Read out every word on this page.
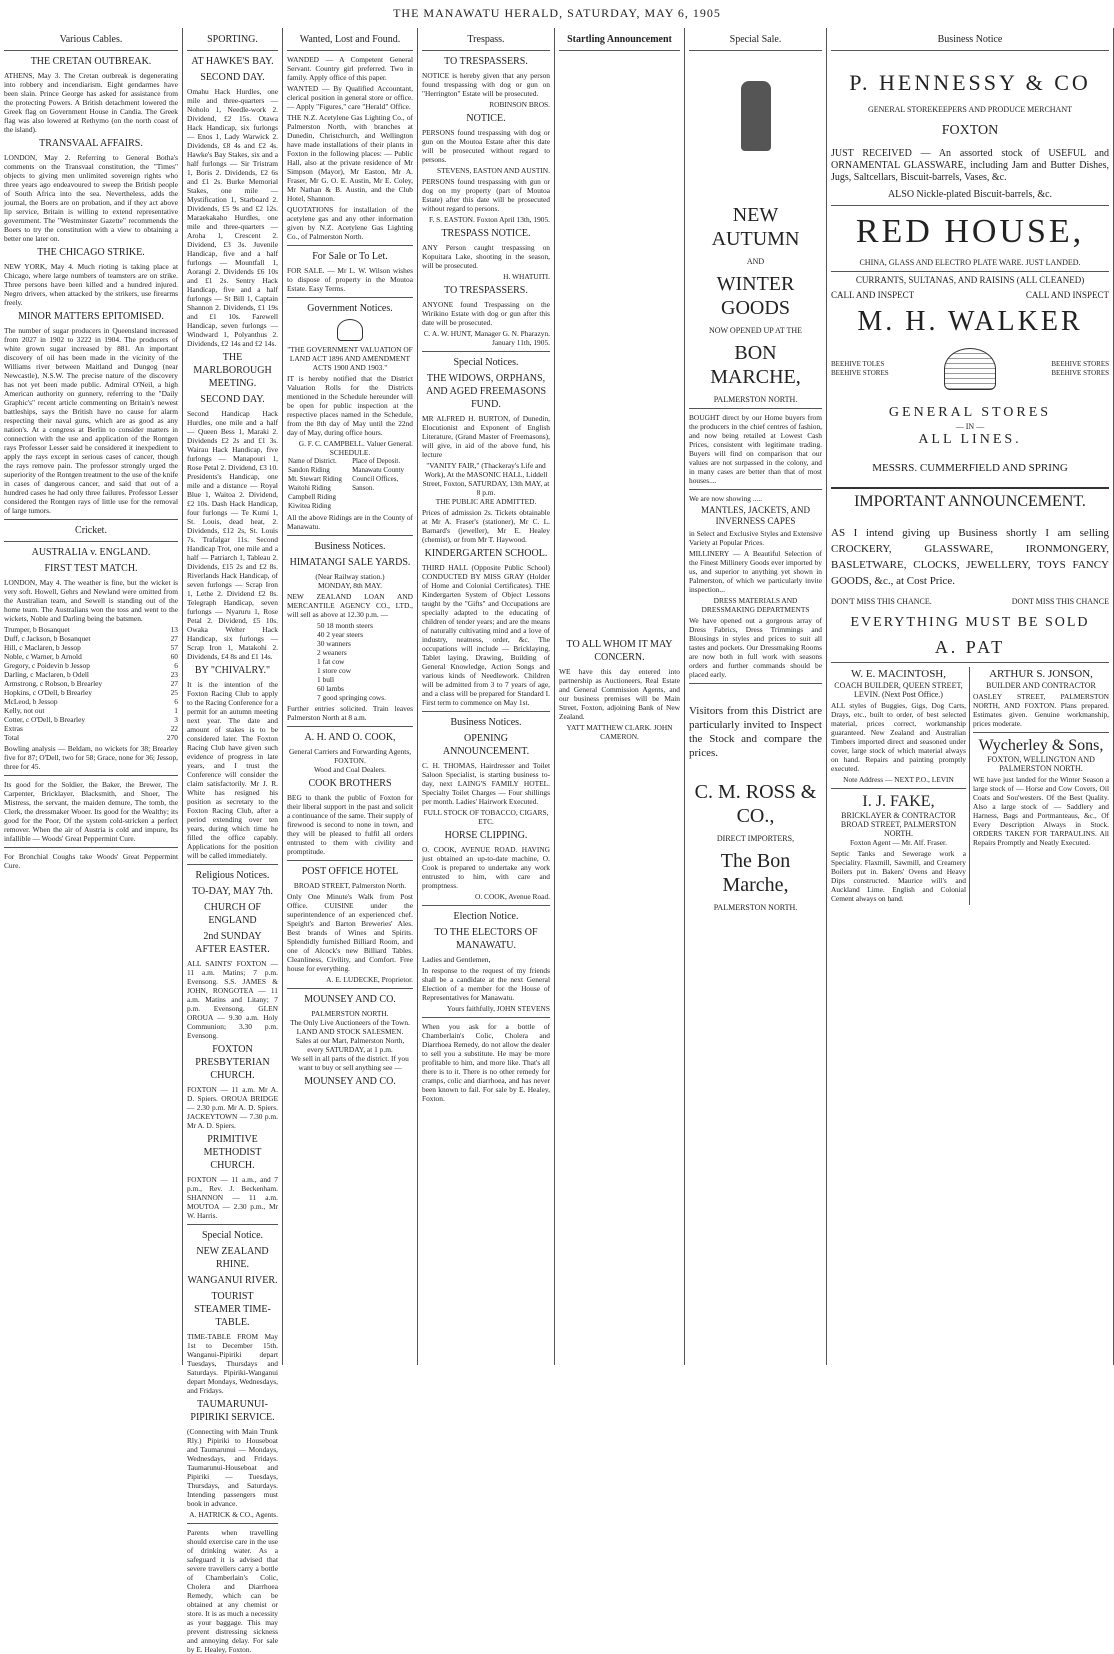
THE MANAWATU HERALD, SATURDAY, MAY 6, 1905
Various Cables.
THE CRETAN OUTBREAK.
ATHENS, May 3. The Cretan outbreak is degenerating into robbery and incendiarism. Eight gendarmes have been slain. Prince George has asked for assistance from the protecting Powers. A British detachment lowered the Greek flag on Government House in Candia. The Greek flag was also lowered at Rethymo (on the north coast of the island).
TRANSVAAL AFFAIRS.
LONDON, May 2. Referring to General Botha's comments on the Transvaal constitution, the "Times" objects to giving men unlimited sovereign rights who three years ago endeavoured to sweep the British people of South Africa into the sea. Nevertheless, adds the journal, the Boers are on probation, and if they act above lip service, Britain is willing to extend representative government. The "Westminster Gazette" recommends the Boers to try the constitution with a view to obtaining a better one later on.
THE CHICAGO STRIKE.
NEW YORK, May 4. Much rioting is taking place at Chicago, where large numbers of teamsters are on strike. Three persons have been killed and a hundred injured. Negro drivers, when attacked by the strikers, use firearms freely.
MINOR MATTERS EPITOMISED.
The number of sugar producers in Queensland increased from 2027 in 1902 to 3222 in 1904. The producers of white grown sugar increased by 881. An important discovery of oil has been made in the vicinity of the Williams river between Maitland and Dungog (near Newcastle), N.S.W. The precise nature of the discovery has not yet been made public. Admiral O'Neil, a high American authority on gunnery, referring to the "Daily Graphic's" recent article commenting on Britain's newest battleships, says the British have no cause for alarm respecting their naval guns, which are as good as any nation's. At a congress at Berlin to consider matters in connection with the use and application of the Rontgen rays Professor Lesser said he considered it inexpedient to apply the rays except in serious cases of cancer, though the rays remove pain. The professor strongly urged the superiority of the Rontgen treatment to the use of the knife in cases of dangerous cancer, and said that out of a hundred cases he had only three failures. Professor Lesser considered the Rontgen rays of little use for the removal of large tumors.
Cricket.
AUSTRALIA v. ENGLAND.
FIRST TEST MATCH.
LONDON, May 4. The weather is fine, but the wicket is very soft. Howell, Gehrs and Newland were omitted from the Australian team, and Sewell is standing out of the home team. The Australians won the toss and went to the wickets, Noble and Darling being the batsmen.
Trumper, b Bosanquet	13
Duff, c Jackson, b Bosanquet	27
Hill, c Maclaren, b Jessop	57
Noble, c Warner, b Arnold	60
Gregory, c Poidevin b Jessop	6
Darling, c Maclaren, b Odell	23
Armstrong, c Robson, b Brearley	27
Hopkins, c O'Dell, b Brearley	25
McLeod, b Jessop	6
Kelly, not out	1
Cotter, c O'Dell, b Brearley	3
Extras	22
Total	270
Bowling analysis — Beldam, no wickets for 38; Brearley five for 87; O'Dell, two for 58; Grace, none for 36; Jessop, three for 45.
Its good for the Soldier, the Baker, the Brewer, The Carpenter, Bricklayer, Blacksmith, and Shoer, The Mistress, the servant, the maiden demure, The tomb, the Clerk, the dressmaker Wooer. Its good for the Wealthy; its good for the Poor, Of the system cold-stricken a perfect remover. When the air of Austria is cold and impure, Its infallible — Woods' Great Peppermint Cure.
For Bronchial Coughs take Woods' Great Peppermint Cure.
SPORTING.
AT HAWKE'S BAY.
SECOND DAY.
Omahu Hack Hurdles, one mile and three-quarters — Noholo 1, Needle-work 2. Dividend, £2 15s. Otawa Hack Handicap, six furlongs — Enos 1, Lady Warwick 2. Dividends, £8 4s and £2 4s. Hawke's Bay Stakes, six and a half furlongs — Sir Tristram 1, Boris 2. Dividends, £2 6s and £1 2s. Burke Memorial Stakes, one mile — Mystification 1, Starboard 2. Dividends, £5 9s and £2 12s. Maraekakaho Hurdles, one mile and three-quarters — Aroha 1, Crescent 2. Dividend, £3 3s. Juvenile Handicap, five and a half furlongs — Mountfall 1, Aorangi 2. Dividends £6 10s and £1 2s. Sentry Hack Handicap, five and a half furlongs — St Bill 1, Captain Shannon 2. Dividends, £1 19s and £1 10s. Farewell Handicap, seven furlongs — Windward 1, Polyanthus 2. Dividends, £2 14s and £2 14s.
THE MARLBOROUGH MEETING.
SECOND DAY.
Second Handicap Hack Hurdles, one mile and a half — Queen Bess 1, Maraki 2. Dividends £2 2s and £1 3s. Wairau Hack Handicap, five furlongs — Manapouri 1, Rose Petal 2. Dividend, £3 10. Presidents's Handicap, one mile and a distance — Royal Blue 1, Waitoa 2. Dividend, £2 10s. Dash Hack Handicap, four furlongs — Te Kumi 1, St. Louis, dead heat, 2. Dividends, £12 2s, St. Louis 7s. Trafalgar 11s. Second Handicap Trot, one mile and a half — Patriarch 1, Tableau 2. Dividends, £15 2s and £2 8s. Riverlands Hack Handicap, of seven furlongs — Scrap Iron 1, Lethe 2. Dividend £2 8s. Telegraph Handicap, seven furlongs — Nyaruru 1, Rose Petal 2. Dividend, £5 10s. Owaka Welter Hack Handicap, six furlongs — Scrap Iron 1, Matakohi 2. Dividends, £4 8s and £1 14s.
BY "CHIVALRY."
It is the intention of the Foxton Racing Club to apply to the Racing Conference for a permit for an autumn meeting next year. The date and amount of stakes is to be considered later. The Foxton Racing Club have given such evidence of progress in late years, and I trust the Conference will consider the claim satisfactorily. Mr J. R. White has resigned his position as secretary to the Foxton Racing Club, after a period extending over ten years, during which time he filled the office capably. Applications for the position will be called immediately.
Religious Notices.
TO-DAY, MAY 7th.
CHURCH OF ENGLAND
2nd SUNDAY AFTER EASTER.
ALL SAINTS' FOXTON — 11 a.m. Matins; 7 p.m. Evensong. S.S. JAMES & JOHN, RONGOTEA — 11 a.m. Matins and Litany; 7 p.m. Evensong. GLEN OROUA — 9.30 a.m. Holy Communion; 3.30 p.m. Evensong.
FOXTON PRESBYTERIAN CHURCH.
FOXTON — 11 a.m. Mr A. D. Spiers. OROUA BRIDGE — 2.30 p.m. Mr A. D. Spiers. JACKEYTOWN — 7.30 p.m. Mr A. D. Spiers.
PRIMITIVE METHODIST CHURCH.
FOXTON — 11 a.m., and 7 p.m., Rev. J. Beckenham. SHANNON — 11 a.m. MOUTOA — 2.30 p.m., Mr W. Harris.
Special Notice.
NEW ZEALAND RHINE.
WANGANUI RIVER.
TOURIST STEAMER TIME-TABLE.
TIME-TABLE FROM May 1st to December 15th. Wanganui-Pipiriki depart Tuesdays, Thursdays and Saturdays. Pipiriki-Wanganui depart Mondays, Wednesdays, and Fridays.
TAUMARUNUI-PIPIRIKI SERVICE.
(Connecting with Main Trunk Rly.) Pipiriki to Houseboat and Taumarunui — Mondays, Wednesdays, and Fridays. Taumarunui-Houseboat and Pipiriki — Tuesdays, Thursdays, and Saturdays. Intending passengers must book in advance.
A. HATRICK & CO., Agents.
Parents when travelling should exercise care in the use of drinking water. As a safeguard it is advised that severe travellers carry a bottle of Chamberlain's Colic, Cholera and Diarrhoea Remedy, which can be obtained at any chemist or store. It is as much a necessity as your baggage. This may prevent distressing sickness and annoying delay. For sale by E. Healey, Foxton.
Wanted, Lost and Found.
WANDED — A Competent General Servant. Country girl preferred. Two in family. Apply office of this paper.
WANTED — By Qualified Accountant, clerical position in general store or office. — Apply "Figures," care "Herald" Office.
THE N.Z. Acetylene Gas Lighting Co., of Palmerston North, with branches at Dunedin, Christchurch, and Wellington have made installations of their plants in Foxton in the following places: — Public Hall, also at the private residence of Mr Simpson (Mayor), Mr Easton, Mr A. Fraser, Mr G. O. E. Austin, Mr E. Coley, Mr Nathan & B. Austin, and the Club Hotel, Shannon.
QUOTATIONS for installation of the acetylene gas and any other information given by N.Z. Acetylene Gas Lighting Co., of Palmerston North.
For Sale or To Let.
FOR SALE. — Mr L. W. Wilson wishes to dispose of property in the Moutoa Estate. Easy Terms.
Government Notices.
"THE GOVERNMENT VALUATION OF LAND ACT 1896 AND AMENDMENT ACTS 1900 AND 1903."
IT is hereby notified that the District Valuation Rolls for the Districts mentioned in the Schedule hereunder will be open for public inspection at the respective places named in the Schedule, from the 8th day of May until the 22nd day of May, during office hours.
G. F. C. CAMPBELL. Valuer General.
SCHEDULE.
Name of District.	Place of Deposit.
Sandon Riding	Manawatu County
Mt. Stewart Riding	Council Offices,
Waitohi Riding	Sanson.
Campbell Riding	
Kiwitea Riding	
All the above Ridings are in the County of Manawatu.
Business Notices.
HIMATANGI SALE YARDS.
(Near Railway station.)
MONDAY, 8th MAY.
NEW ZEALAND LOAN AND MERCANTILE AGENCY CO., LTD., will sell as above at 12.30 p.m. —
50 18 month steers
40 2 year steers
30 wanners
2 weaners
1 fat cow
1 store cow
1 bull
60 lambs
7 good springing cows.
Further entries solicited. Train leaves Palmerston North at 8 a.m.
A. H. AND O. COOK,
General Carriers and Forwarding Agents, FOXTON.
Wood and Coal Dealers.
COOK BROTHERS
BEG to thank the public of Foxton for their liberal support in the past and solicit a continuance of the same. Their supply of firewood is second to none in town, and they will be pleased to fulfil all orders entrusted to them with civility and promptitude.
POST OFFICE HOTEL
BROAD STREET, Palmerston North.
Only One Minute's Walk from Post Office. CUISINE under the superintendence of an experienced chef. Speight's and Barton Breweries' Ales. Best brands of Wines and Spirits. Splendidly furnished Billiard Room, and one of Alcock's new Billiard Tables. Cleanliness, Civility, and Comfort. Free house for everything.
A. E. LUDECKE, Proprietor.
MOUNSEY AND CO.
PALMERSTON NORTH.
The Only Live Auctioneers of the Town.
LAND AND STOCK SALESMEN.
Sales at our Mart, Palmerston North, every SATURDAY, at 1 p.m.
We sell in all parts of the district. If you want to buy or sell anything see —
MOUNSEY AND CO.
Trespass.
TO TRESPASSERS.
NOTICE is hereby given that any person found trespassing with dog or gun on "Herrington" Estate will be prosecuted.
ROBINSON BROS.
NOTICE.
PERSONS found trespassing with dog or gun on the Moutoa Estate after this date will be prosecuted without regard to persons.
STEVENS, EASTON AND AUSTIN.
PERSONS found trespassing with gun or dog on my property (part of Moutoa Estate) after this date will be prosecuted without regard to persons.
F. S. EASTON. Foxton April 13th, 1905.
TRESPASS NOTICE.
ANY Person caught trespassing on Kopuitara Lake, shooting in the season, will be prosecuted.
H. WHATUITI.
TO TRESPASSERS.
ANYONE found Trespassing on the Wirikino Estate with dog or gun after this date will be prosecuted.
C. A. W. HUNT, Manager G. N. Pharazyn. January 11th, 1905.
Special Notices.
THE WIDOWS, ORPHANS, AND AGED FREEMASONS FUND.
MR ALFRED H. BURTON, of Dunedin, Elocutionist and Exponent of English Literature, (Grand Master of Freemasons), will give, in aid of the above fund, his lecture
"VANITY FAIR," (Thackeray's Life and Work), At the MASONIC HALL, Liddell Street, Foxton, SATURDAY, 13th MAY, at 8 p.m.
THE PUBLIC ARE ADMITTED.
Prices of admission 2s. Tickets obtainable at Mr A. Fraser's (stationer), Mr C. L. Barnard's (jeweller), Mr E. Healey (chemist), or from Mr T. Haywood.
KINDERGARTEN SCHOOL.
THIRD HALL (Opposite Public School) CONDUCTED BY MISS GRAY (Holder of Home and Colonial Certificates). THE Kindergarten System of Object Lessons taught by the "Gifts" and Occupations are specially adapted to the educating of children of tender years; and are the means of naturally cultivating mind and a love of industry, neatness, order, &c. The occupations will include — Bricklaying, Tablet laying, Drawing, Building of General Knowledge, Action Songs and various kinds of Needlework. Children will be admitted from 3 to 7 years of age, and a class will be prepared for Standard I. First term to commence on May 1st.
Business Notices.
OPENING ANNOUNCEMENT.
C. H. THOMAS, Hairdresser and Toilet Saloon Specialist, is starting business to-day, next LAING'S FAMILY HOTEL. Specialty Toilet Charges — Four shillings per month. Ladies' Hairwork Executed.
FULL STOCK OF TOBACCO, CIGARS, ETC.
HORSE CLIPPING.
O. COOK, AVENUE ROAD. HAVING just obtained an up-to-date machine, O. Cook is prepared to undertake any work entrusted to him, with care and promptness.
O. COOK, Avenue Road.
Election Notice.
TO THE ELECTORS OF MANAWATU.
Ladies and Gentlemen,
In response to the request of my friends shall be a candidate at the next General Election of a member for the House of Representatives for Manawatu.
Yours faithfully, JOHN STEVENS
When you ask for a bottle of Chamberlain's Colic, Cholera and Diarrhoea Remedy, do not allow the dealer to sell you a substitute. He may be more profitable to him, and more like. That's all there is to it. There is no other remedy for cramps, colic and diarrhoea, and has never been known to fail. For sale by E. Healey, Foxton.
Startling Announcement
TO ALL WHOM IT MAY CONCERN.
WE have this day entered into partnership as Auctioneers, Real Estate and General Commission Agents, and our business premises will be Main Street, Foxton, adjoining Bank of New Zealand.
YATT MATTHEW CLARK. JOHN CAMERON.
Special Sale.
NEW AUTUMN
AND
WINTER GOODS
NOW OPENED UP AT THE
BON MARCHE,
PALMERSTON NORTH.
BOUGHT direct by our Home buyers from the producers in the chief centres of fashion, and now being retailed at Lowest Cash Prices, consistent with legitimate trading. Buyers will find on comparison that our values are not surpassed in the colony, and in many cases are better than that of most houses....
We are now showing .....
MANTLES, JACKETS, AND INVERNESS CAPES
in Select and Exclusive Styles and Extensive Variety at Popular Prices.
MILLINERY — A Beautiful Selection of the Finest Millinery Goods ever imported by us, and superior to anything yet shown in Palmerston, of which we particularly invite inspection...
DRESS MATERIALS AND DRESSMAKING DEPARTMENTS
We have opened out a gorgeous array of Dress Fabrics, Dress Trimmings and Blousings in styles and prices to suit all tastes and pockets. Our Dressmaking Rooms are now both in full work with seasons orders and further commands should be placed early.
Visitors from this District are particularly invited to Inspect the Stock and compare the prices.
C. M. ROSS & CO.,
DIRECT IMPORTERS,
The Bon Marche,
PALMERSTON NORTH.
Business Notice
P. HENNESSY & CO
GENERAL STOREKEEPERS AND PRODUCE MERCHANT
FOXTON
JUST RECEIVED — An assorted stock of USEFUL and ORNAMENTAL GLASSWARE, including Jam and Butter Dishes, Jugs, Saltcellars, Biscuit-barrels, Vases, &c.
ALSO Nickle-plated Biscuit-barrels, &c.
RED HOUSE,
CHINA, GLASS AND ELECTRO PLATE WARE. JUST LANDED.
CURRANTS, SULTANAS, AND RAISINS (ALL CLEANED)
CALL AND INSPECT	CALL AND INSPECT
M. H. WALKER
BEEHIVE TOLES BEEHIVE STORES
BEEHIVE STORES BEEHIVE STORES
GENERAL STORES
— IN —
ALL LINES.
MESSRS. CUMMERFIELD AND SPRING
IMPORTANT ANNOUNCEMENT.
AS I intend giving up Business shortly I am selling CROCKERY, GLASSWARE, IRONMONGERY, BASLETWARE, CLOCKS, JEWELLERY, TOYS FANCY GOODS, &c., at Cost Price.
DON'T MISS THIS CHANCE.	DONT MISS THIS CHANCE
EVERYTHING MUST BE SOLD
A. PAT
W. E. MACINTOSH,
COACH BUILDER, QUEEN STREET, LEVIN. (Next Post Office.)
ALL styles of Buggies, Gigs, Dog Carts, Drays, etc., built to order, of best selected material, prices correct, workmanship guaranteed. New Zealand and Australian Timbers imported direct and seasoned under cover, large stock of which material always on hand. Repairs and painting promptly executed.
Note Address — NEXT P.O., LEVIN
I. J. FAKE,
BRICKLAYER & CONTRACTOR
BROAD STREET, PALMERSTON NORTH.
Foxton Agent — Mr. Alf. Fraser.
Septic Tanks and Sewerage work a Speciality. Flaxmill, Sawmill, and Creamery Boilers put in. Bakers' Ovens and Heavy Dips constructed. Maurice will's and Auckland Lime. English and Colonial Cement always on hand.
ARTHUR S. JONSON,
BUILDER AND CONTRACTOR
OASLEY STREET, PALMERSTON NORTH, AND FOXTON. Plans prepared. Estimates given. Genuine workmanship, prices moderate.
Wycherley & Sons,
FOXTON, WELLINGTON AND PALMERSTON NORTH.
WE have just landed for the Winter Season a large stock of — Horse and Cow Covers, Oil Coats and Sou'westers. Of the Best Quality. Also a large stock of — Saddlery and Harness, Bags and Portmanteaus, &c., Of Every Description Always in Stock. ORDERS TAKEN FOR TARPAULINS. All Repairs Promptly and Neatly Executed.
